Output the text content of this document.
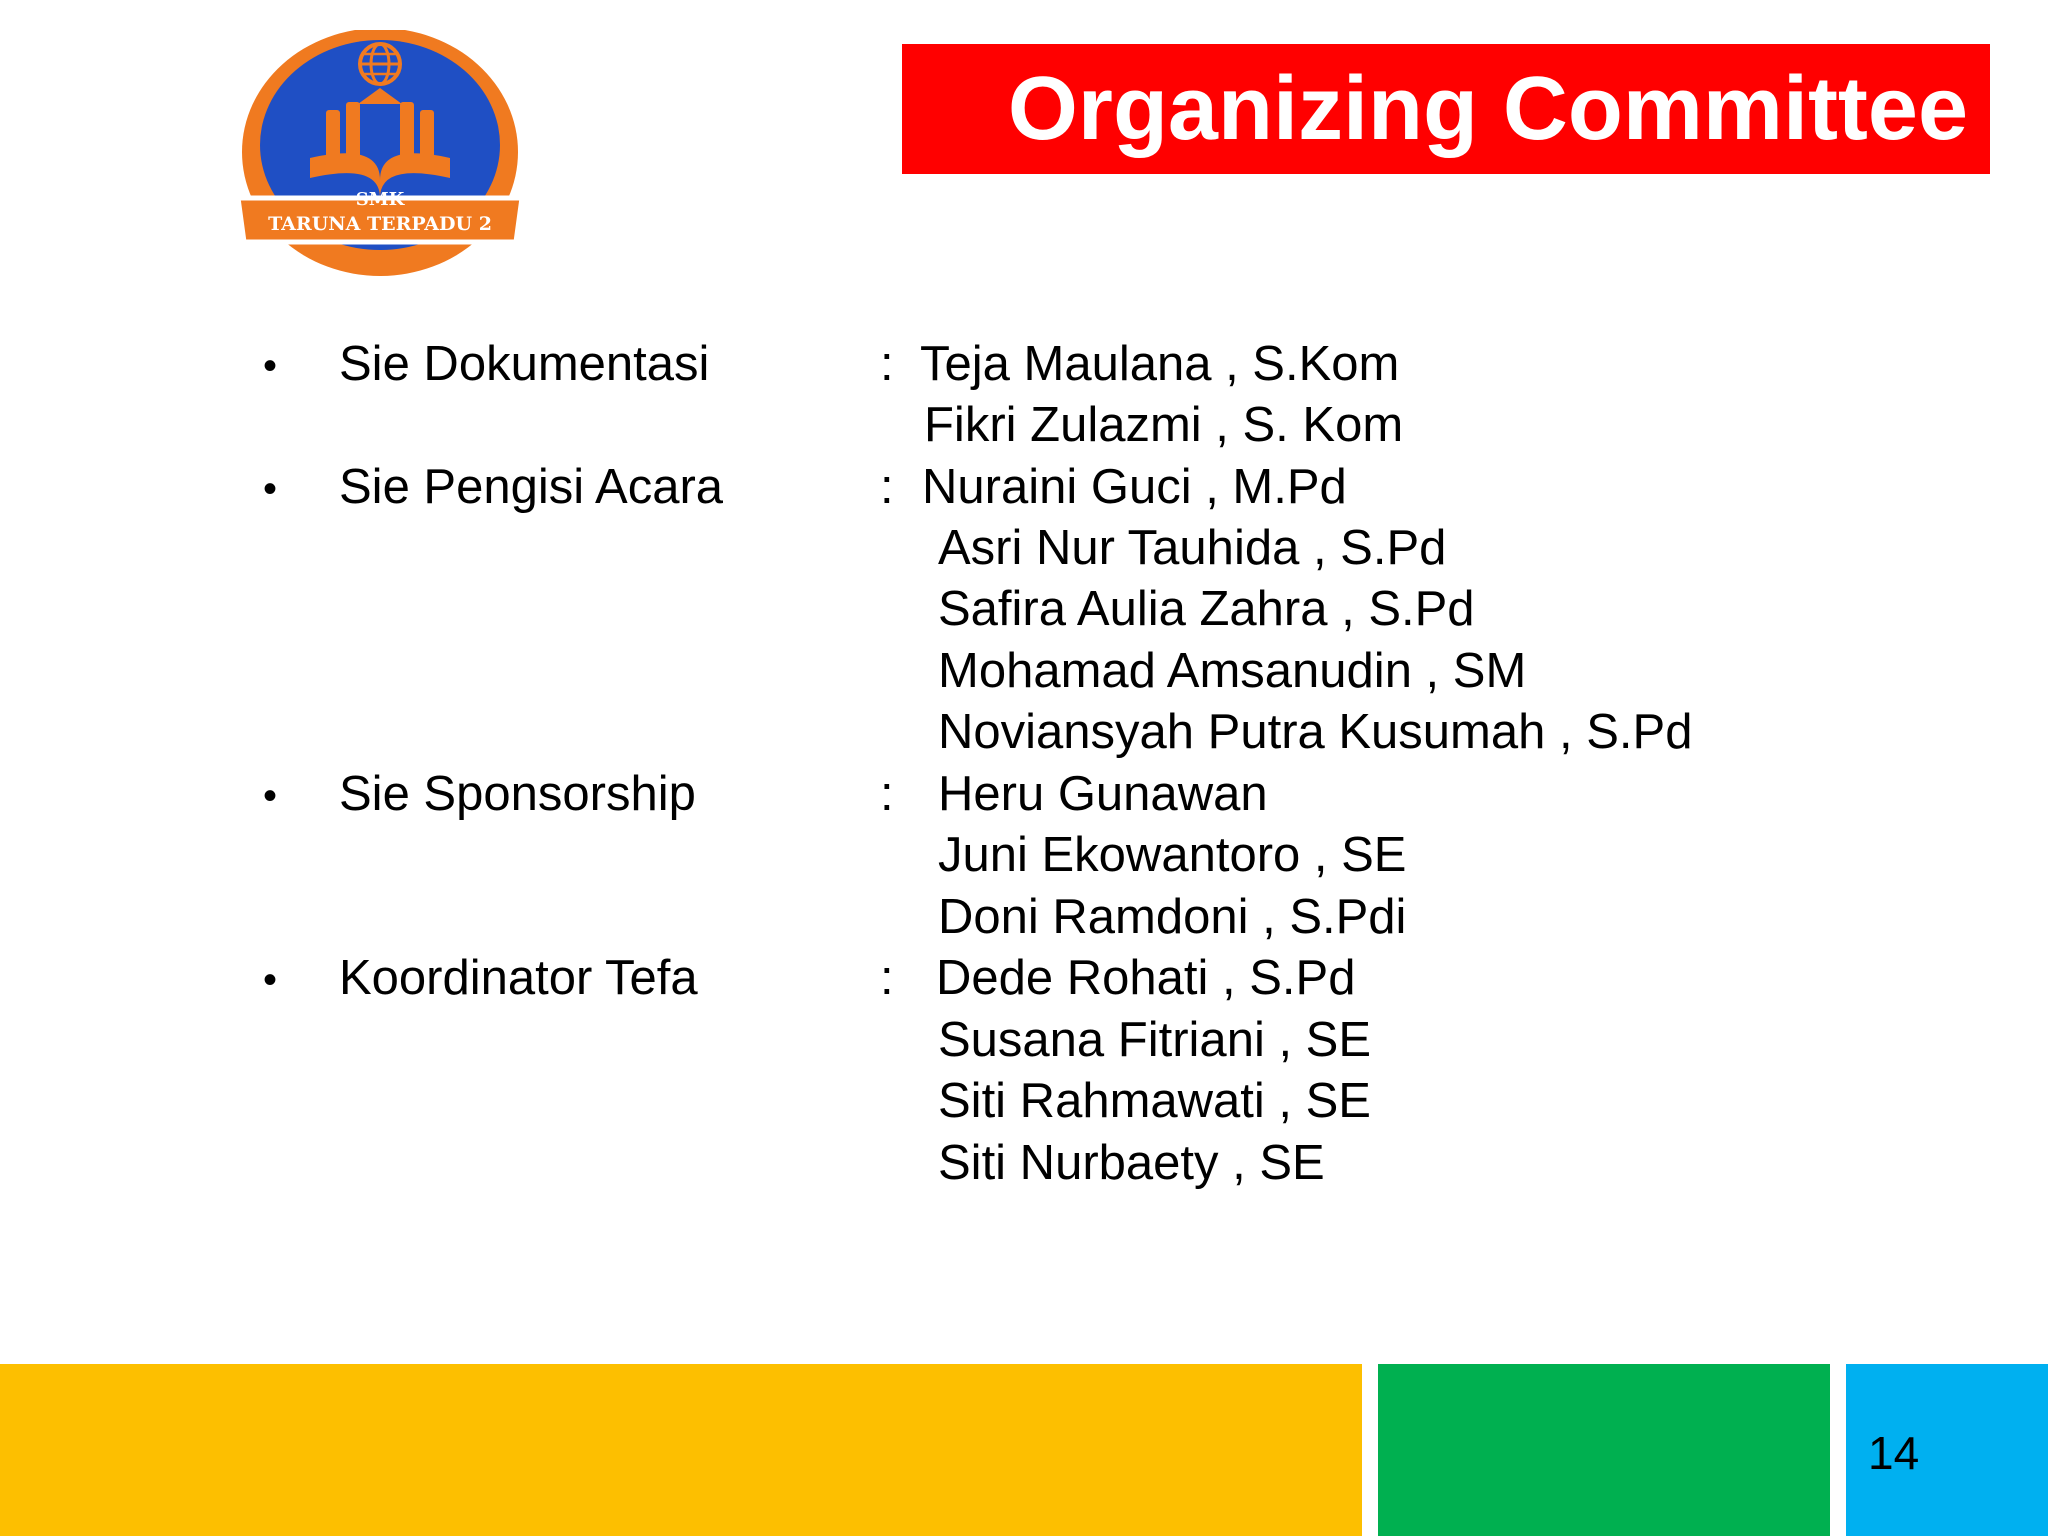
SMK
TARUNA TERPADU 2
Organizing Committee
• Sie Dokumentasi	: Teja Maulana , S.Kom
Fikri Zulazmi , S. Kom
• Sie Pengisi Acara	: Nuraini Guci , M.Pd
Asri Nur Tauhida , S.Pd
Safira Aulia Zahra , S.Pd
Mohamad Amsanudin , SM
Noviansyah Putra Kusumah , S.Pd
• Sie Sponsorship	: Heru Gunawan
Juni Ekowantoro , SE
Doni Ramdoni , S.Pdi
• Koordinator Tefa	: Dede Rohati , S.Pd
Susana Fitriani , SE
Siti Rahmawati , SE
Siti Nurbaety , SE
14
